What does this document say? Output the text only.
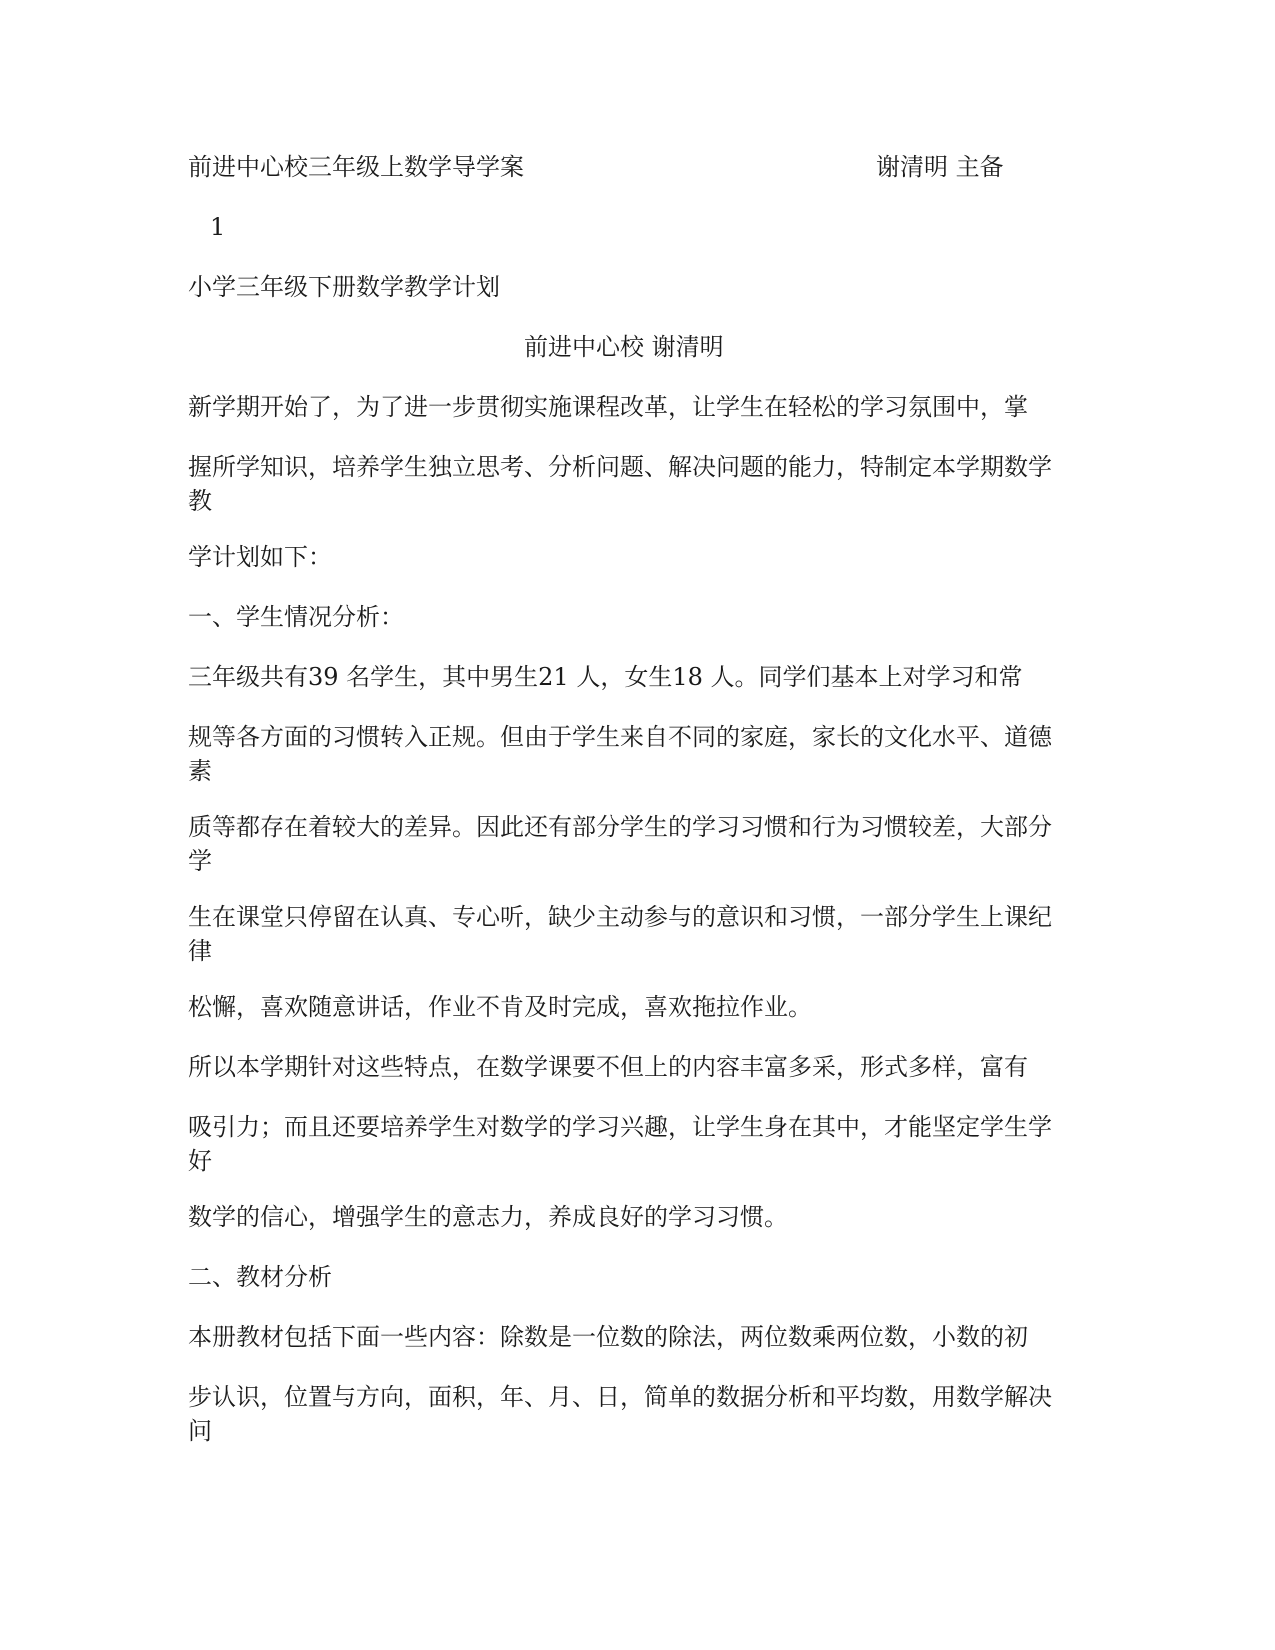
前进中心校三年级上数学导学案	谢清明 主备
1
小学三年级下册数学教学计划
前进中心校 谢清明
新学期开始了，为了进一步贯彻实施课程改革，让学生在轻松的学习氛围中，掌
握所学知识，培养学生独立思考、分析问题、解决问题的能力，特制定本学期数学
教
学计划如下：
一、学生情况分析：
三年级共有39 名学生，其中男生21 人，女生18 人。同学们基本上对学习和常
规等各方面的习惯转入正规。但由于学生来自不同的家庭，家长的文化水平、道德
素
质等都存在着较大的差异。因此还有部分学生的学习习惯和行为习惯较差，大部分
学
生在课堂只停留在认真、专心听，缺少主动参与的意识和习惯，一部分学生上课纪
律
松懈，喜欢随意讲话，作业不肯及时完成，喜欢拖拉作业。
所以本学期针对这些特点，在数学课要不但上的内容丰富多采，形式多样，富有
吸引力；而且还要培养学生对数学的学习兴趣，让学生身在其中，才能坚定学生学
好
数学的信心，增强学生的意志力，养成良好的学习习惯。
二、教材分析
本册教材包括下面一些内容：除数是一位数的除法，两位数乘两位数，小数的初
步认识，位置与方向，面积，年、月、日，简单的数据分析和平均数，用数学解决
问
